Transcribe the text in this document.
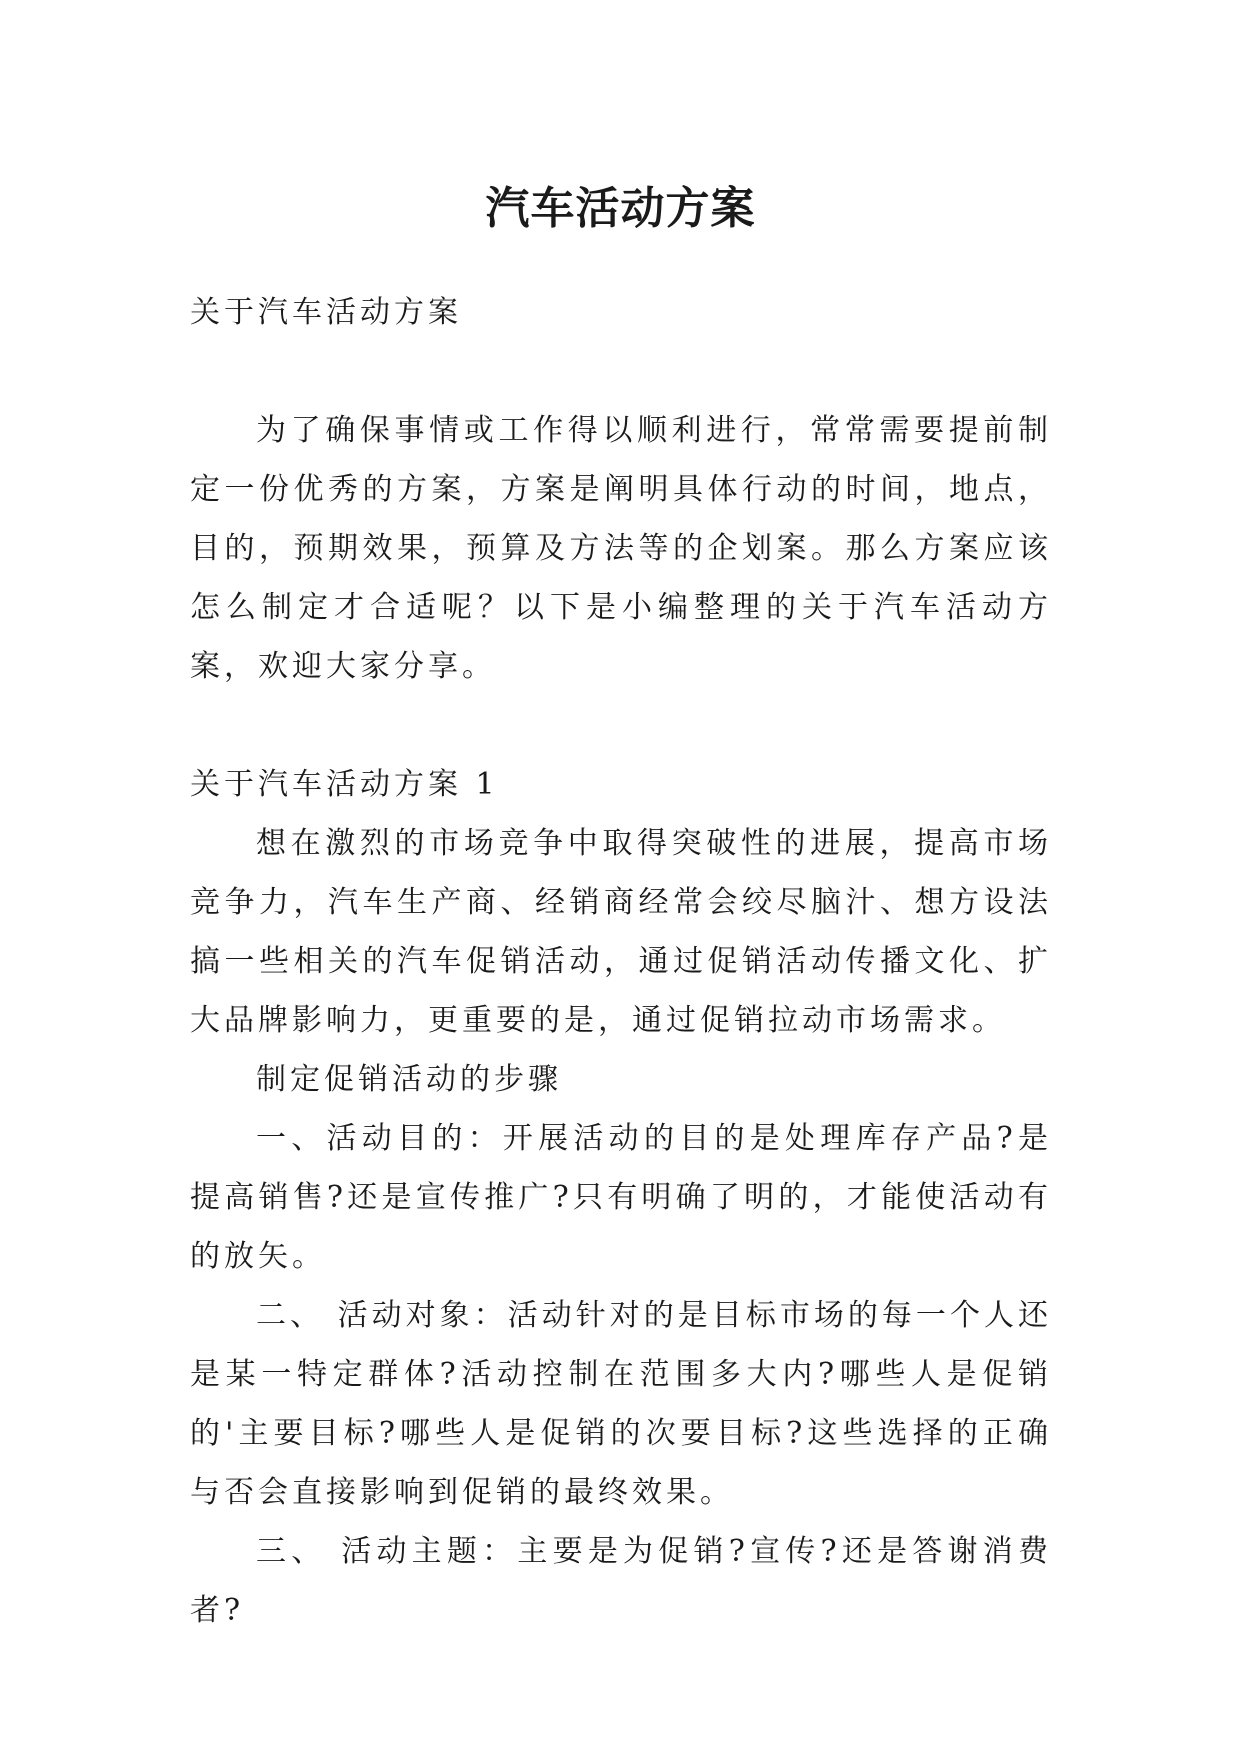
汽车活动方案

关于汽车活动方案

为了确保事情或工作得以顺利进行，常常需要提前制定一份优秀的方案，方案是阐明具体行动的时间，地点，目的，预期效果，预算及方法等的企划案。那么方案应该怎么制定才合适呢？以下是小编整理的关于汽车活动方案，欢迎大家分享。

关于汽车活动方案 1

想在激烈的市场竞争中取得突破性的进展，提高市场竞争力，汽车生产商、经销商经常会绞尽脑汁、想方设法搞一些相关的汽车促销活动，通过促销活动传播文化、扩大品牌影响力，更重要的是，通过促销拉动市场需求。

制定促销活动的步骤

一、活动目的：开展活动的目的是处理库存产品?是提高销售?还是宣传推广?只有明确了明的，才能使活动有的放矢。

二、 活动对象：活动针对的是目标市场的每一个人还是某一特定群体?活动控制在范围多大内?哪些人是促销的'主要目标?哪些人是促销的次要目标?这些选择的正确与否会直接影响到促销的最终效果。

三、 活动主题：主要是为促销?宣传?还是答谢消费者?
